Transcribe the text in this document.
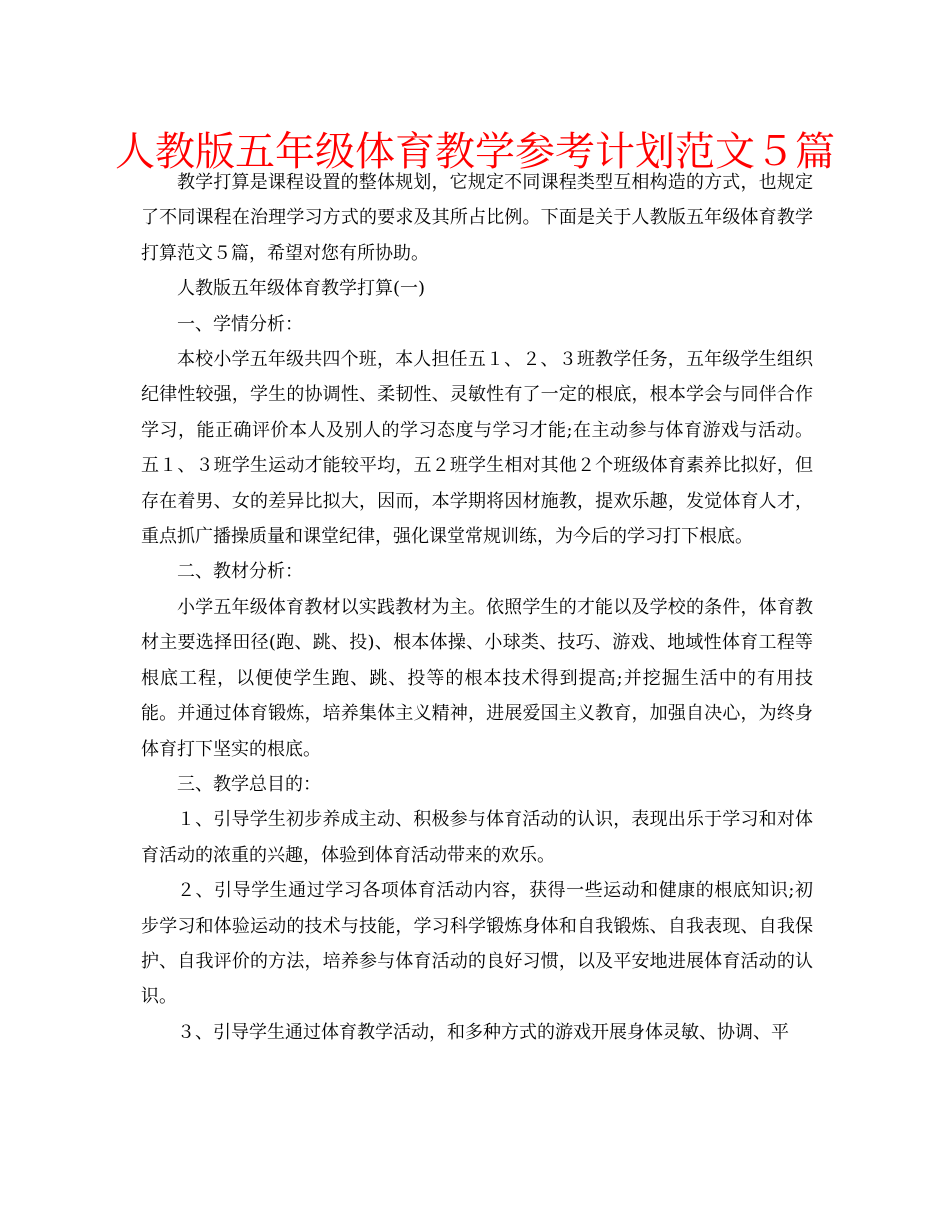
人教版五年级体育教学参考计划范文５篇

教学打算是课程设置的整体规划，它规定不同课程类型互相构造的方式，也规定了不同课程在治理学习方式的要求及其所占比例。下面是关于人教版五年级体育教学打算范文５篇，希望对您有所协助。

人教版五年级体育教学打算(一)

一、学情分析：

本校小学五年级共四个班，本人担任五１、２、３班教学任务，五年级学生组织纪律性较强，学生的协调性、柔韧性、灵敏性有了一定的根底，根本学会与同伴合作学习，能正确评价本人及别人的学习态度与学习才能;在主动参与体育游戏与活动。五１、３班学生运动才能较平均，五２班学生相对其他２个班级体育素养比拟好，但存在着男、女的差异比拟大，因而，本学期将因材施教，提欢乐趣，发觉体育人才，重点抓广播操质量和课堂纪律，强化课堂常规训练，为今后的学习打下根底。

二、教材分析：

小学五年级体育教材以实践教材为主。依照学生的才能以及学校的条件，体育教材主要选择田径(跑、跳、投)、根本体操、小球类、技巧、游戏、地域性体育工程等根底工程，以便使学生跑、跳、投等的根本技术得到提高;并挖掘生活中的有用技能。并通过体育锻炼，培养集体主义精神，进展爱国主义教育，加强自决心，为终身体育打下坚实的根底。

三、教学总目的：

１、引导学生初步养成主动、积极参与体育活动的认识，表现出乐于学习和对体育活动的浓重的兴趣，体验到体育活动带来的欢乐。

２、引导学生通过学习各项体育活动内容，获得一些运动和健康的根底知识;初步学习和体验运动的技术与技能，学习科学锻炼身体和自我锻炼、自我表现、自我保护、自我评价的方法，培养参与体育活动的良好习惯，以及平安地进展体育活动的认识。

３、引导学生通过体育教学活动，和多种方式的游戏开展身体灵敏、协调、平
